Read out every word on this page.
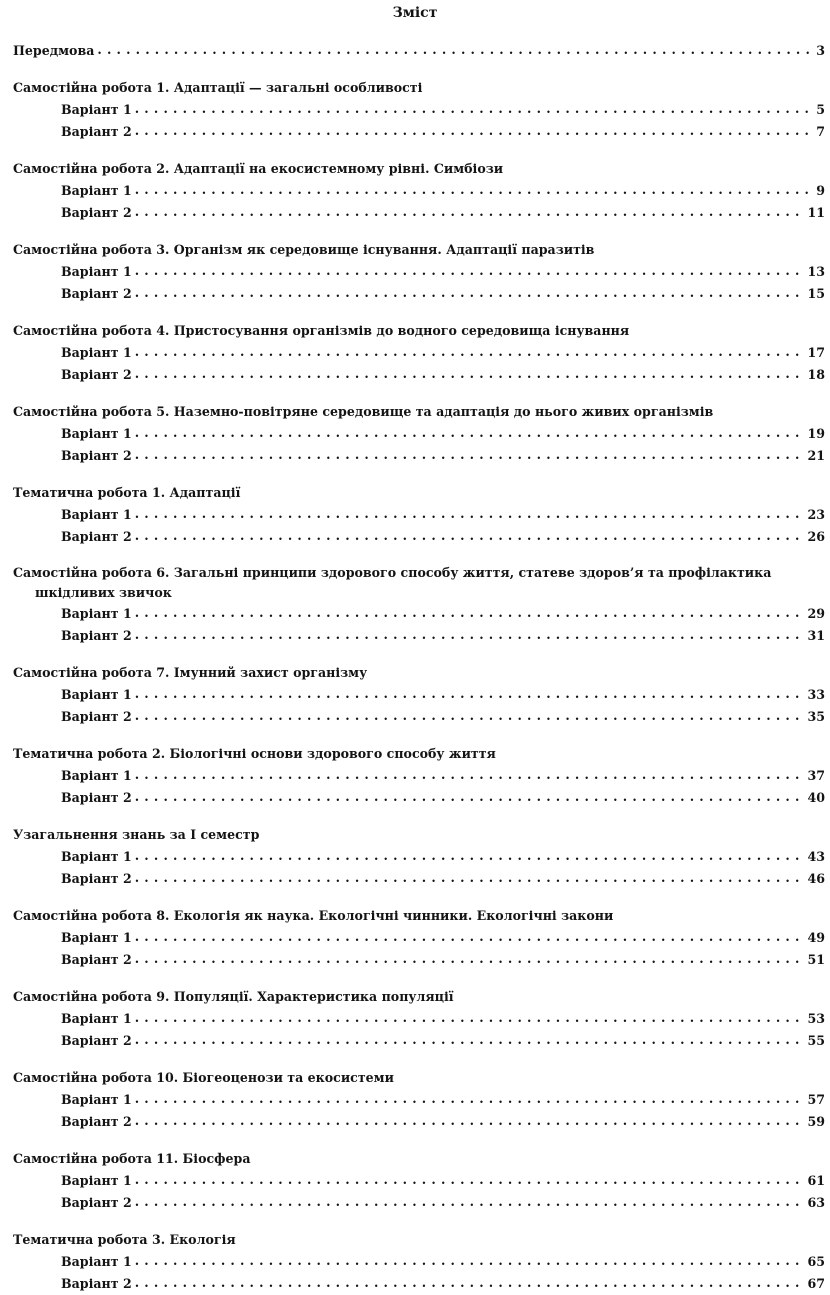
Зміст
Передмова . . .	3
Самостійна робота 1. Адаптації — загальні особливості
Варіант 1 . . .	5
Варіант 2 . . .	7
Самостійна робота 2. Адаптації на екосистемному рівні. Симбіози
Варіант 1 . . .	9
Варіант 2 . . .	11
Самостійна робота 3. Організм як середовище існування. Адаптації паразитів
Варіант 1 . . .	13
Варіант 2 . . .	15
Самостійна робота 4. Пристосування організмів до водного середовища існування
Варіант 1 . . .	17
Варіант 2 . . .	18
Самостійна робота 5. Наземно-повітряне середовище та адаптація до нього живих організмів
Варіант 1 . . .	19
Варіант 2 . . .	21
Тематична робота 1. Адаптації
Варіант 1 . . .	23
Варіант 2 . . .	26
Самостійна робота 6. Загальні принципи здорового способу життя, статеве здоров’я та профілактика шкідливих звичок
Варіант 1 . . .	29
Варіант 2 . . .	31
Самостійна робота 7. Імунний захист організму
Варіант 1 . . .	33
Варіант 2 . . .	35
Тематична робота 2. Біологічні основи здорового способу життя
Варіант 1 . . .	37
Варіант 2 . . .	40
Узагальнення знань за I семестр
Варіант 1 . . .	43
Варіант 2 . . .	46
Самостійна робота 8. Екологія як наука. Екологічні чинники. Екологічні закони
Варіант 1 . . .	49
Варіант 2 . . .	51
Самостійна робота 9. Популяції. Характеристика популяції
Варіант 1 . . .	53
Варіант 2 . . .	55
Самостійна робота 10. Біогеоценози та екосистеми
Варіант 1 . . .	57
Варіант 2 . . .	59
Самостійна робота 11. Біосфера
Варіант 1 . . .	61
Варіант 2 . . .	63
Тематична робота 3. Екологія
Варіант 1 . . .	65
Варіант 2 . . .	67
